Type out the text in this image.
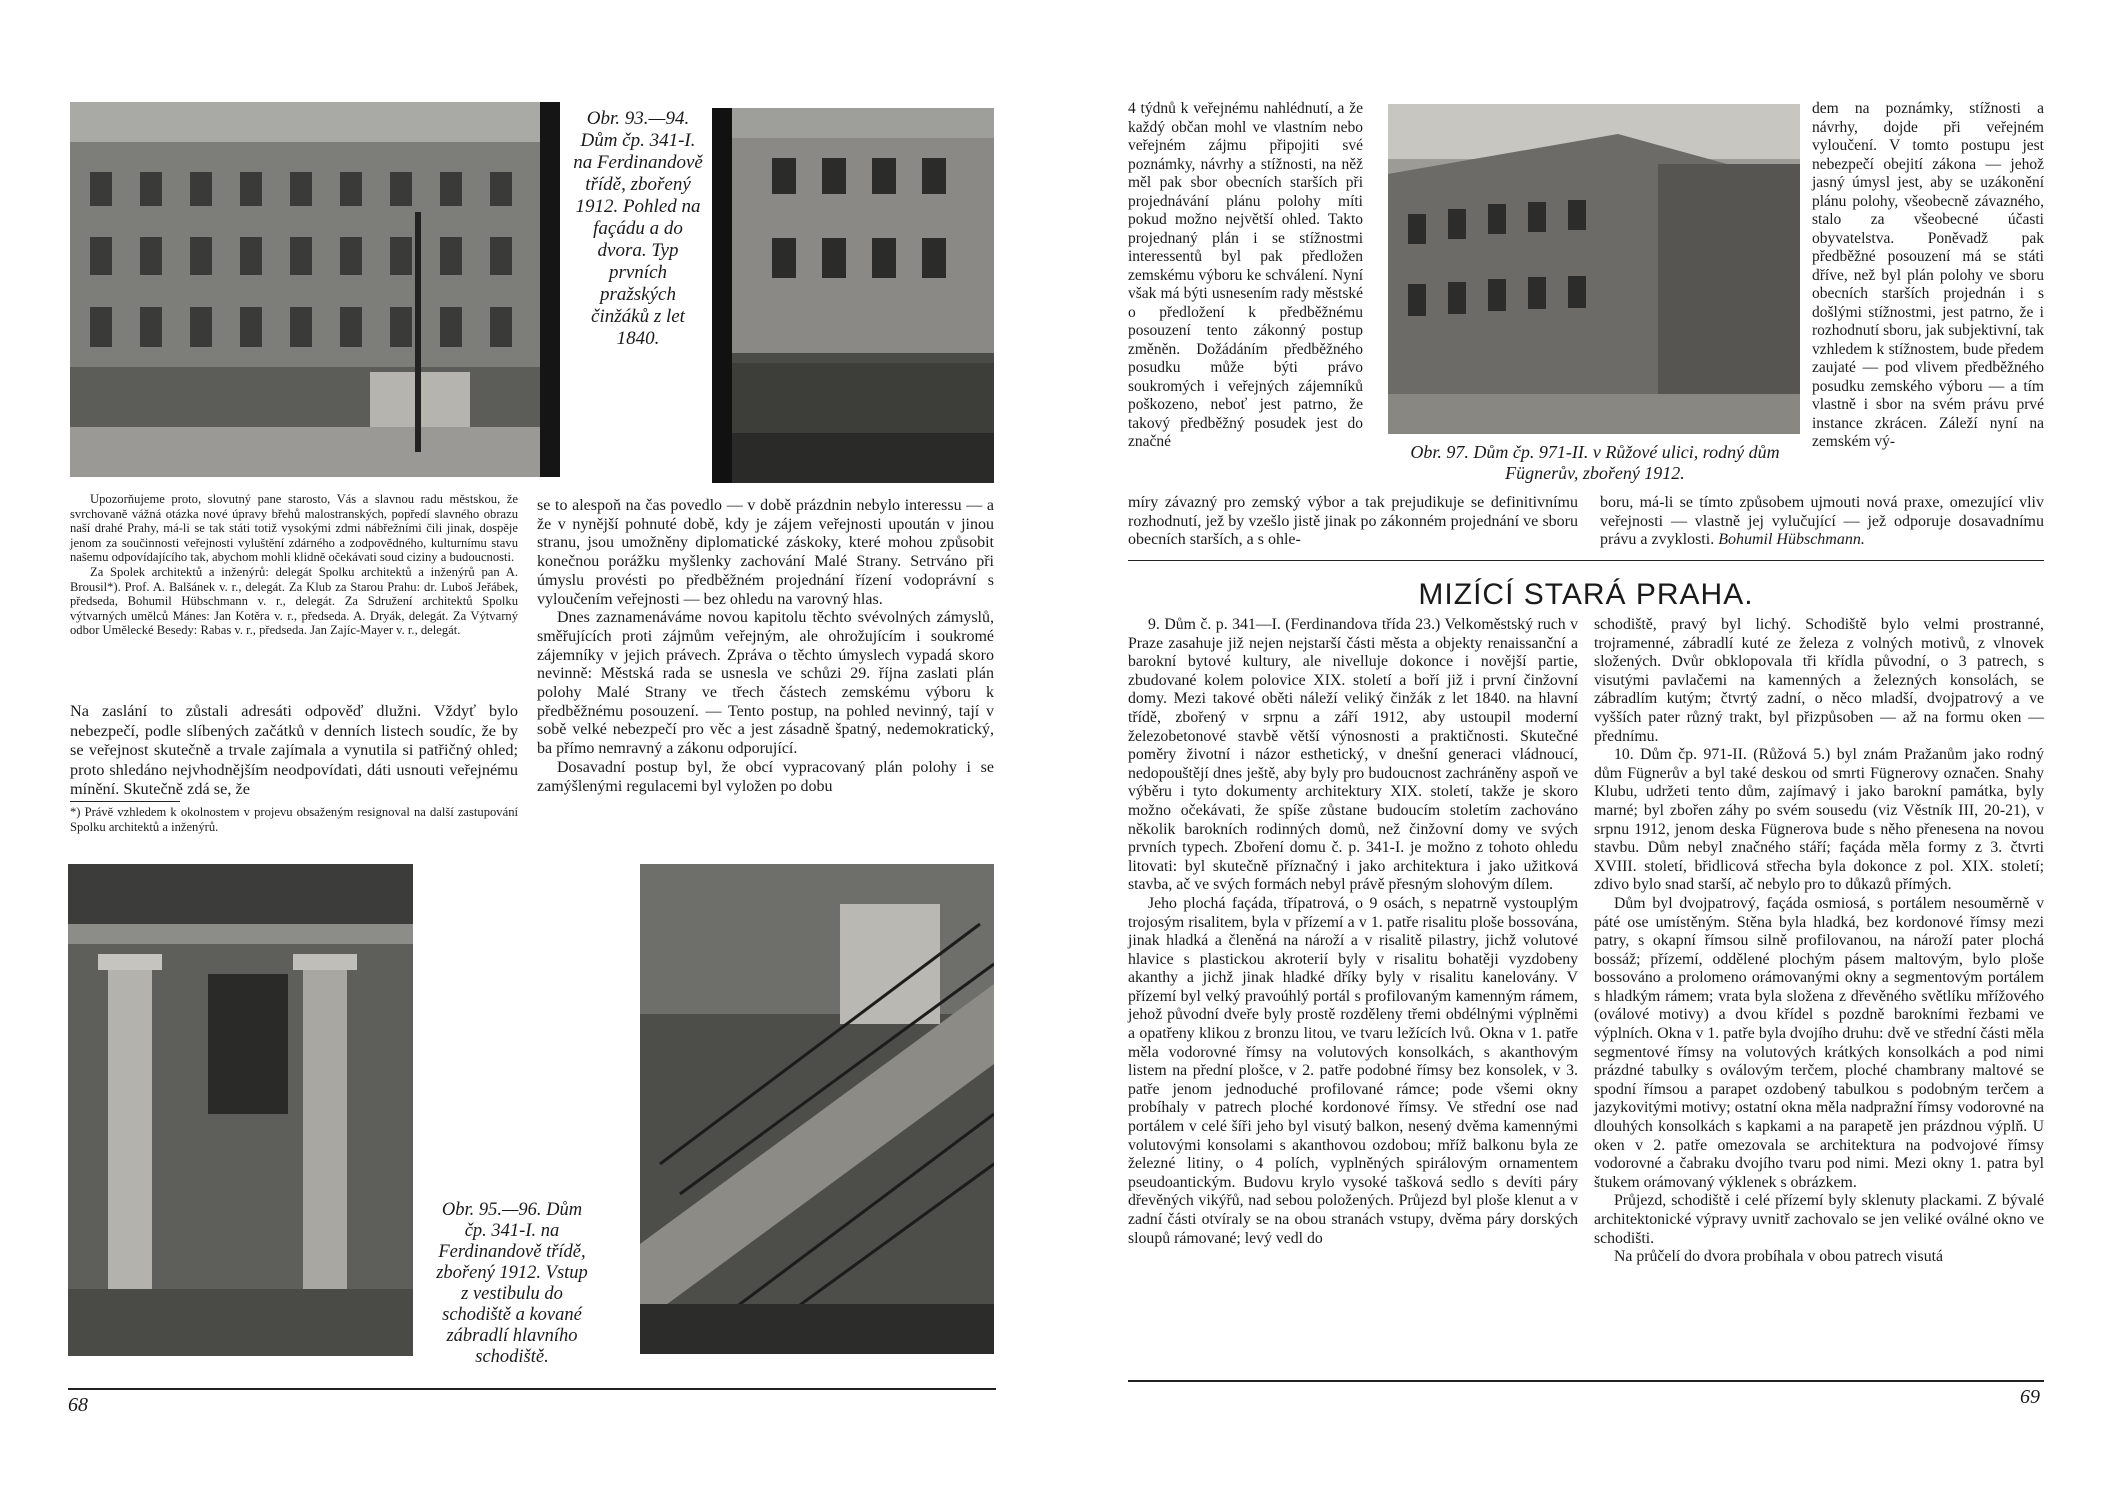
Obr. 93.—94. Dům čp. 341-I. na Ferdinandově třídě, zbořený 1912. Pohled na façádu a do dvora. Typ prvních pražských činžáků z let 1840.

Upozorňujeme proto, slovutný pane starosto, Vás a slavnou radu městskou, že svrchovaně vážná otázka nové úpravy břehů malostranských, popředí slavného obrazu naší drahé Prahy, má-li se tak státi totiž vysokými zdmi nábřežními čili jinak, dospěje jenom za součinnosti veřejnosti vyluštění zdárného a zodpovědného, kulturnímu stavu našemu odpovídajícího tak, abychom mohli klidně očekávati soud ciziny a budoucnosti.

Za Spolek architektů a inženýrů: delegát Spolku architektů a inženýrů pan A. Brousil*). Prof. A. Balšánek v. r., delegát. Za Klub za Starou Prahu: dr. Luboš Jeřábek, předseda, Bohumil Hübschmann v. r., delegát. Za Sdružení architektů Spolku výtvarných umělců Mánes: Jan Kotěra v. r., předseda. A. Dryák, delegát. Za Výtvarný odbor Umělecké Besedy: Rabas v. r., předseda. Jan Zajíc-Mayer v. r., delegát.

Na zaslání to zůstali adresáti odpověď dlužni. Vždyť bylo nebezpečí, podle slíbených začátků v denních listech soudíc, že by se veřejnost skutečně a trvale zajímala a vynutila si patřičný ohled; proto shledáno nejvhodnějším neodpovídati, dáti usnouti veřejnému mínění. Skutečně zdá se, že
*) Právě vzhledem k okolnostem v projevu obsaženým resignoval na další zastupování Spolku architektů a inženýrů.

se to alespoň na čas povedlo — v době prázdnin nebylo interessu — a že v nynější pohnuté době, kdy je zájem veřejnosti upoután v jinou stranu, jsou umožněny diplomatické záskoky, které mohou způsobit konečnou porážku myšlenky zachování Malé Strany. Setrváno při úmyslu provésti po předběžném projednání řízení vodoprávní s vyloučením veřejnosti — bez ohledu na varovný hlas.

Dnes zaznamenáváme novou kapitolu těchto svévolných zámyslů, směřujících proti zájmům veřejným, ale ohrožujícím i soukromé zájemníky v jejich právech. Zpráva o těchto úmyslech vypadá skoro nevinně: Městská rada se usnesla ve schůzi 29. října zaslati plán polohy Malé Strany ve třech částech zemskému výboru k předběžnému posouzení. — Tento postup, na pohled nevinný, tají v sobě velké nebezpečí pro věc a jest zásadně špatný, nedemokratický, ba přímo nemravný a zákonu odporující.

Dosavadní postup byl, že obcí vypracovaný plán polohy i se zamýšlenými regulacemi byl vyložen po dobu

Obr. 95.—96. Dům čp. 341-I. na Ferdinandově třídě, zbořený 1912. Vstup z vestibulu do schodiště a kované zábradlí hlavního schodiště.
68
4 týdnů k veřejnému nahlédnutí, a že každý občan mohl ve vlastním nebo veřejném zájmu připojiti své poznámky, návrhy a stížnosti, na něž měl pak sbor obecních starších při projednávání plánu polohy míti pokud možno největší ohled. Takto projednaný plán i se stížnostmi interessentů byl pak předložen zemskému výboru ke schválení. Nyní však má býti usnesením rady městské o předložení k předběžnému posouzení tento zákonný postup změněn. Dožádáním předběžného posudku může býti právo soukromých i veřejných zájemníků poškozeno, neboť jest patrno, že takový předběžný posudek jest do značné
Obr. 97. Dům čp. 971-II. v Růžové ulici, rodný dům Fügnerův, zbořený 1912.
dem na poznámky, stížnosti a návrhy, dojde při veřejném vyloučení. V tomto postupu jest nebezpečí obejití zákona — jehož jasný úmysl jest, aby se uzákonění plánu polohy, všeobecně závazného, stalo za všeobecné účasti obyvatelstva. Poněvadž pak předběžné posouzení má se státi dříve, než byl plán polohy ve sboru obecních starších projednán i s došlými stížnostmi, jest patrno, že i rozhodnutí sboru, jak subjektivní, tak vzhledem k stížnostem, bude předem zaujaté — pod vlivem předběžného posudku zemského výboru — a tím vlastně i sbor na svém právu prvé instance zkrácen. Záleží nyní na zemském vý-
míry závazný pro zemský výbor a tak prejudikuje se definitivnímu rozhodnutí, jež by vzešlo jistě jinak po zákonném projednání ve sboru obecních starších, a s ohle-
boru, má-li se tímto způsobem ujmouti nová praxe, omezující vliv veřejnosti — vlastně jej vylučující — jež odporuje dosavadnímu právu a zvyklosti. Bohumil Hübschmann.
MIZÍCÍ STARÁ PRAHA.

9. Dům č. p. 341—I. (Ferdinandova třída 23.) Velkoměstský ruch v Praze zasahuje již nejen nejstarší části města a objekty renaissanční a barokní bytové kultury, ale nivelluje dokonce i novější partie, zbudované kolem polovice XIX. století a boří již i první činžovní domy. Mezi takové oběti náleží veliký činžák z let 1840. na hlavní třídě, zbořený v srpnu a září 1912, aby ustoupil moderní železobetonové stavbě větší výnosnosti a praktičnosti. Skutečné poměry životní i názor esthetický, v dnešní generaci vládnoucí, nedopouštějí dnes ještě, aby byly pro budoucnost zachráněny aspoň ve výběru i tyto dokumenty architektury XIX. století, takže je skoro možno očekávati, že spíše zůstane budoucím stoletím zachováno několik barokních rodinných domů, než činžovní domy ve svých prvních typech. Zboření domu č. p. 341-I. je možno z tohoto ohledu litovati: byl skutečně příznačný i jako architektura i jako užitková stavba, ač ve svých formách nebyl právě přesným slohovým dílem.

Jeho plochá façáda, třípatrová, o 9 osách, s nepatrně vystouplým trojosým risalitem, byla v přízemí a v 1. patře risalitu ploše bossována, jinak hladká a členěná na nároží a v risalitě pilastry, jichž volutové hlavice s plastickou akroterií byly v risalitu bohatěji vyzdobeny akanthy a jichž jinak hladké dříky byly v risalitu kanelovány. V přízemí byl velký pravoúhlý portál s profilovaným kamenným rámem, jehož původní dveře byly prostě rozděleny třemi obdélnými výplněmi a opatřeny klikou z bronzu litou, ve tvaru ležících lvů. Okna v 1. patře měla vodorovné římsy na volutových konsolkách, s akanthovým listem na přední plošce, v 2. patře podobné římsy bez konsolek, v 3. patře jenom jednoduché profilované rámce; pode všemi okny probíhaly v patrech ploché kordonové římsy. Ve střední ose nad portálem v celé šíři jeho byl visutý balkon, nesený dvěma kamennými volutovými konsolami s akanthovou ozdobou; mříž balkonu byla ze železné litiny, o 4 polích, vyplněných spirálovým ornamentem pseudoantickým. Budovu krylo vysoké tašková sedlo s devíti páry dřevěných vikýřů, nad sebou položených. Průjezd byl ploše klenut a v zadní části otvíraly se na obou stranách vstupy, dvěma páry dorských sloupů rámované; levý vedl do

schodiště, pravý byl lichý. Schodiště bylo velmi prostranné, trojramenné, zábradlí kuté ze železa z volných motivů, z vlnovek složených. Dvůr obklopovala tři křídla původní, o 3 patrech, s visutými pavlačemi na kamenných a železných konsolách, se zábradlím kutým; čtvrtý zadní, o něco mladší, dvojpatrový a ve vyšších pater různý trakt, byl přizpůsoben — až na formu oken — přednímu.

10. Dům čp. 971-II. (Růžová 5.) byl znám Pražanům jako rodný dům Fügnerův a byl také deskou od smrti Fügnerovy označen. Snahy Klubu, udržeti tento dům, zajímavý i jako barokní památka, byly marné; byl zbořen záhy po svém sousedu (viz Věstník III, 20-21), v srpnu 1912, jenom deska Fügnerova bude s něho přenesena na novou stavbu. Dům nebyl značného stáří; façáda měla formy z 3. čtvrti XVIII. století, břidlicová střecha byla dokonce z pol. XIX. století; zdivo bylo snad starší, ač nebylo pro to důkazů přímých.

Dům byl dvojpatrový, façáda osmiosá, s portálem nesouměrně v páté ose umístěným. Stěna byla hladká, bez kordonové římsy mezi patry, s okapní římsou silně profilovanou, na nároží pater plochá bossáž; přízemí, oddělené plochým pásem maltovým, bylo ploše bossováno a prolomeno orámovanými okny a segmentovým portálem s hladkým rámem; vrata byla složena z dřevěného světlíku mřížového (oválové motivy) a dvou křídel s pozdně barokními řezbami ve výplních. Okna v 1. patře byla dvojího druhu: dvě ve střední části měla segmentové římsy na volutových krátkých konsolkách a pod nimi prázdné tabulky s oválovým terčem, ploché chambrany maltové se spodní římsou a parapet ozdobený tabulkou s podobným terčem a jazykovitými motivy; ostatní okna měla nadpražní římsy vodorovné na dlouhých konsolkách s kapkami a na parapetě jen prázdnou výplň. U oken v 2. patře omezovala se architektura na podvojové římsy vodorovné a čabraku dvojího tvaru pod nimi. Mezi okny 1. patra byl štukem orámovaný výklenek s obrázkem.

Průjezd, schodiště i celé přízemí byly sklenuty plackami. Z bývalé architektonické výpravy uvnitř zachovalo se jen veliké oválné okno ve schodišti.

Na průčelí do dvora probíhala v obou patrech visutá

69
